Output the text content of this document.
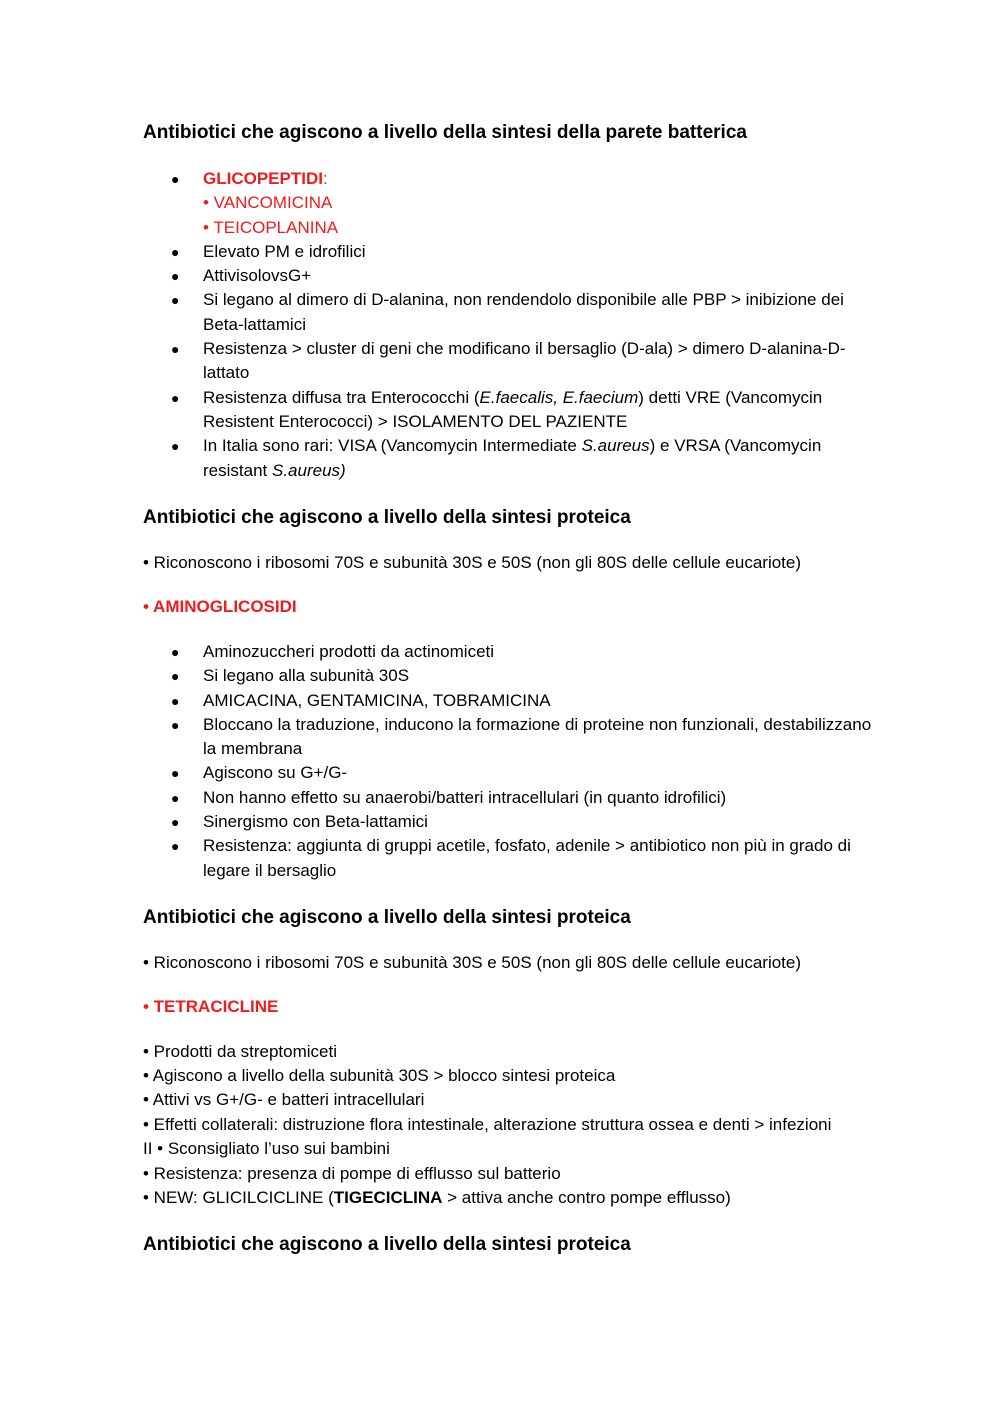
Antibiotici che agiscono a livello della sintesi della parete batterica
● GLICOPEPTIDI:
• VANCOMICINA
• TEICOPLANINA
● Elevato PM e idrofilici
● AttivisolovsG+
● Si legano al dimero di D-alanina, non rendendolo disponibile alle PBP > inibizione dei Beta-lattamici
● Resistenza > cluster di geni che modificano il bersaglio (D-ala) > dimero D-alanina-D-lattato
● Resistenza diffusa tra Enterococchi (E.faecalis, E.faecium) detti VRE (Vancomycin Resistent Enterococci) > ISOLAMENTO DEL PAZIENTE
● In Italia sono rari: VISA (Vancomycin Intermediate S.aureus) e VRSA (Vancomycin resistant S.aureus)
Antibiotici che agiscono a livello della sintesi proteica

• Riconoscono i ribosomi 70S e subunità 30S e 50S (non gli 80S delle cellule eucariote)

• AMINOGLICOSIDI

● Aminozuccheri prodotti da actinomiceti
● Si legano alla subunità 30S
● AMICACINA, GENTAMICINA, TOBRAMICINA
● Bloccano la traduzione, inducono la formazione di proteine non funzionali, destabilizzano la membrana
● Agiscono su G+/G-
● Non hanno effetto su anaerobi/batteri intracellulari (in quanto idrofilici)
● Sinergismo con Beta-lattamici
● Resistenza: aggiunta di gruppi acetile, fosfato, adenile > antibiotico non più in grado di legare il bersaglio
Antibiotici che agiscono a livello della sintesi proteica

• Riconoscono i ribosomi 70S e subunità 30S e 50S (non gli 80S delle cellule eucariote)

• TETRACICLINE

• Prodotti da streptomiceti

• Agiscono a livello della subunità 30S > blocco sintesi proteica

• Attivi vs G+/G- e batteri intracellulari

• Effetti collaterali: distruzione flora intestinale, alterazione struttura ossea e denti > infezioni II • Sconsigliato l’uso sui bambini

• Resistenza: presenza di pompe di efflusso sul batterio

• NEW: GLICILCICLINE (TIGECICLINA > attiva anche contro pompe efflusso)

Antibiotici che agiscono a livello della sintesi proteica
